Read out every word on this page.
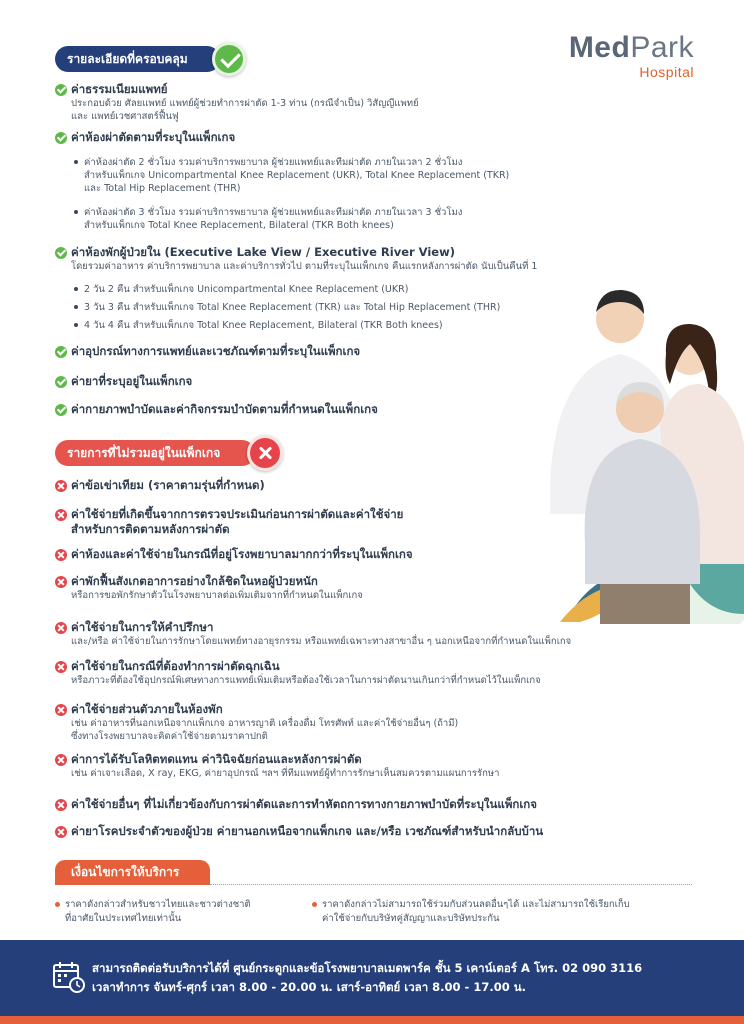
MedPark
Hospital
รายละเอียดที่ครอบคลุม
ค่าธรรมเนียมแพทย์
ประกอบด้วย ศัลยแพทย์ แพทย์ผู้ช่วยทำการผ่าตัด 1-3 ท่าน (กรณีจำเป็น) วิสัญญีแพทย์
และ แพทย์เวชศาสตร์ฟื้นฟู
ค่าห้องผ่าตัดตามที่ระบุในแพ็กเกจ
ค่าห้องผ่าตัด 2 ชั่วโมง รวมค่าบริการพยาบาล ผู้ช่วยแพทย์และทีมผ่าตัด ภายในเวลา 2 ชั่วโมง
สำหรับแพ็กเกจ Unicompartmental Knee Replacement (UKR), Total Knee Replacement (TKR)
และ Total Hip Replacement (THR)
ค่าห้องผ่าตัด 3 ชั่วโมง รวมค่าบริการพยาบาล ผู้ช่วยแพทย์และทีมผ่าตัด ภายในเวลา 3 ชั่วโมง
สำหรับแพ็กเกจ Total Knee Replacement, Bilateral (TKR Both knees)
ค่าห้องพักผู้ป่วยใน (Executive Lake View / Executive River View)
โดยรวมค่าอาหาร ค่าบริการพยาบาล และค่าบริการทั่วไป ตามที่ระบุในแพ็กเกจ คืนแรกหลังการผ่าตัด นับเป็นคืนที่ 1
2 วัน 2 คืน สำหรับแพ็กเกจ Unicompartmental Knee Replacement (UKR)
3 วัน 3 คืน สำหรับแพ็กเกจ Total Knee Replacement (TKR) และ Total Hip Replacement (THR)
4 วัน 4 คืน สำหรับแพ็กเกจ Total Knee Replacement, Bilateral (TKR Both knees)
ค่าอุปกรณ์ทางการแพทย์และเวชภัณฑ์ตามที่ระบุในแพ็กเกจ
ค่ายาที่ระบุอยู่ในแพ็กเกจ
ค่ากายภาพบำบัดและค่ากิจกรรมบำบัดตามที่กำหนดในแพ็กเกจ
รายการที่ไม่รวมอยู่ในแพ็กเกจ
ค่าข้อเข่าเทียม (ราคาตามรุ่นที่กำหนด)
ค่าใช้จ่ายที่เกิดขึ้นจากการตรวจประเมินก่อนการผ่าตัดและค่าใช้จ่าย
สำหรับการติดตามหลังการผ่าตัด
ค่าห้องและค่าใช้จ่ายในกรณีที่อยู่โรงพยาบาลมากกว่าที่ระบุในแพ็กเกจ
ค่าพักฟื้นสังเกตอาการอย่างใกล้ชิดในหอผู้ป่วยหนัก
หรือการขอพักรักษาตัวในโรงพยาบาลต่อเพิ่มเติมจากที่กำหนดในแพ็กเกจ
ค่าใช้จ่ายในการให้คำปรึกษา
และ/หรือ ค่าใช้จ่ายในการรักษาโดยแพทย์ทางอายุรกรรม หรือแพทย์เฉพาะทางสาขาอื่น ๆ นอกเหนือจากที่กำหนดในแพ็กเกจ
ค่าใช้จ่ายในกรณีที่ต้องทำการผ่าตัดฉุกเฉิน
หรือภาวะที่ต้องใช้อุปกรณ์พิเศษทางการแพทย์เพิ่มเติมหรือต้องใช้เวลาในการผ่าตัดนานเกินกว่าที่กำหนดไว้ในแพ็กเกจ
ค่าใช้จ่ายส่วนตัวภายในห้องพัก
เช่น ค่าอาหารที่นอกเหนือจากแพ็กเกจ อาหารญาติ เครื่องดื่ม โทรศัพท์ และค่าใช้จ่ายอื่นๆ (ถ้ามี)
ซึ่งทางโรงพยาบาลจะคิดค่าใช้จ่ายตามราคาปกติ
ค่าการได้รับโลหิตทดแทน ค่าวินิจฉัยก่อนและหลังการผ่าตัด
เช่น ค่าเจาะเลือด, X ray, EKG, ค่ายาอุปกรณ์ ฯลฯ ที่ทีมแพทย์ผู้ทำการรักษาเห็นสมควรตามแผนการรักษา
ค่าใช้จ่ายอื่นๆ ที่ไม่เกี่ยวข้องกับการผ่าตัดและการทำหัตถการทางกายภาพบำบัดที่ระบุในแพ็กเกจ
ค่ายาโรคประจำตัวของผู้ป่วย ค่ายานอกเหนือจากแพ็กเกจ และ/หรือ เวชภัณฑ์สำหรับนำกลับบ้าน
เงื่อนไขการให้บริการ
ราคาดังกล่าวสำหรับชาวไทยและชาวต่างชาติ
ที่อาศัยในประเทศไทยเท่านั้น
ราคาดังกล่าวไม่สามารถใช้ร่วมกับส่วนลดอื่นๆได้ และไม่สามารถใช้เรียกเก็บ
ค่าใช้จ่ายกับบริษัทคู่สัญญาและบริษัทประกัน
สามารถติดต่อรับบริการได้ที่ ศูนย์กระดูกและข้อโรงพยาบาลเมดพาร์ค ชั้น 5 เคาน์เตอร์ A โทร. 02 090 3116
เวลาทำการ จันทร์-ศุกร์ เวลา 8.00 - 20.00 น. เสาร์-อาทิตย์ เวลา 8.00 - 17.00 น.
